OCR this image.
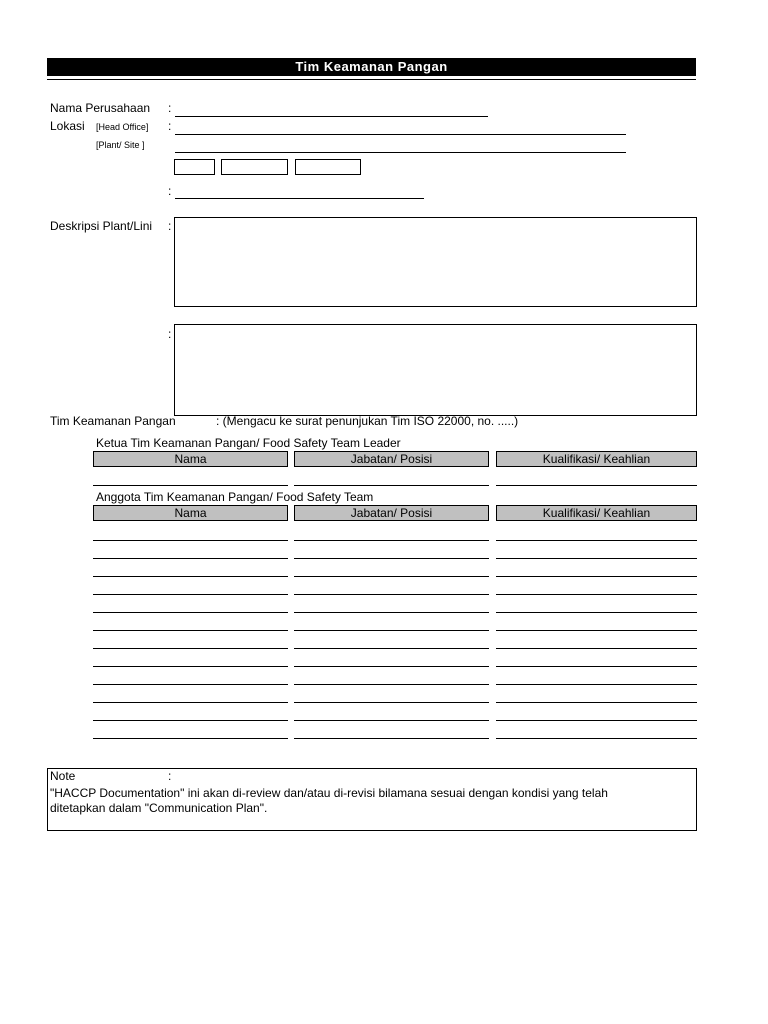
Tim Keamanan Pangan
Nama Perusahaan :
Lokasi [Head Office] :
[Plant/ Site ]
:
Deskripsi Plant/Lini :
:
Tim Keamanan Pangan	: (Mengacu ke surat penunjukan Tim ISO 22000, no. .....)
Ketua Tim Keamanan Pangan/ Food Safety Team Leader
Nama	Jabatan/ Posisi	Kualifikasi/ Keahlian
Anggota Tim Keamanan Pangan/ Food Safety Team
Nama	Jabatan/ Posisi	Kualifikasi/ Keahlian
Note	:
"HACCP Documentation" ini akan di-review dan/atau di-revisi bilamana sesuai dengan kondisi yang telah
ditetapkan dalam "Communication Plan".
